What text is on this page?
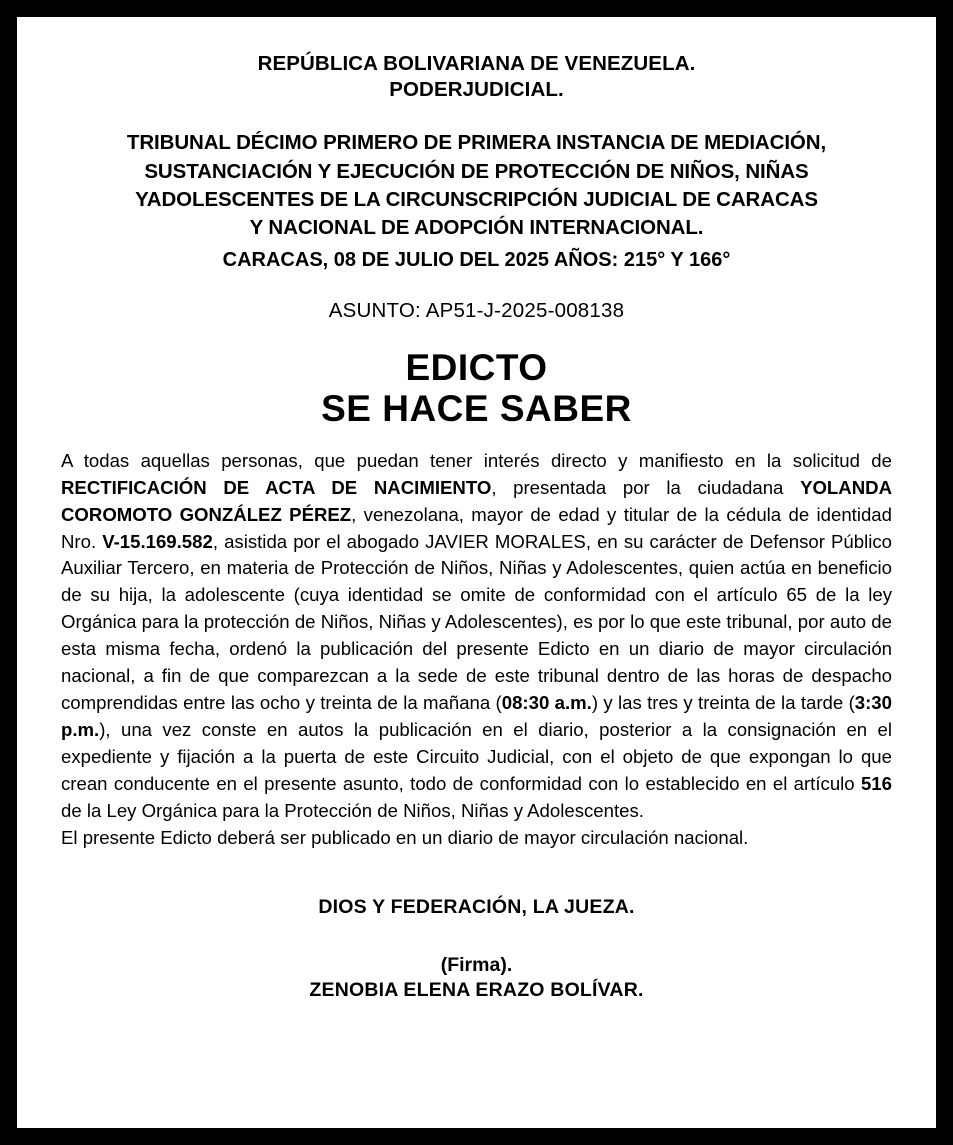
REPÚBLICA BOLIVARIANA DE VENEZUELA.
PODERJUDICIAL.
TRIBUNAL DÉCIMO PRIMERO DE PRIMERA INSTANCIA DE MEDIACIÓN,
SUSTANCIACIÓN Y EJECUCIÓN DE PROTECCIÓN DE NIÑOS, NIÑAS
YADOLESCENTES DE LA CIRCUNSCRIPCIÓN JUDICIAL DE CARACAS
Y NACIONAL DE ADOPCIÓN INTERNACIONAL.
CARACAS, 08 DE JULIO DEL 2025 AÑOS: 215° Y 166°
ASUNTO: AP51-J-2025-008138
EDICTO
SE HACE SABER

A todas aquellas personas, que puedan tener interés directo y manifiesto en la solicitud de RECTIFICACIÓN DE ACTA DE NACIMIENTO, presentada por la ciudadana YOLANDA COROMOTO GONZÁLEZ PÉREZ, venezolana, mayor de edad y titular de la cédula de identidad Nro. V-15.169.582, asistida por el abogado JAVIER MORALES, en su carácter de Defensor Público Auxiliar Tercero, en materia de Protección de Niños, Niñas y Adolescentes, quien actúa en beneficio de su hija, la adolescente (cuya identidad se omite de conformidad con el artículo 65 de la ley Orgánica para la protección de Niños, Niñas y Adolescentes), es por lo que este tribunal, por auto de esta misma fecha, ordenó la publicación del presente Edicto en un diario de mayor circulación nacional, a fin de que comparezcan a la sede de este tribunal dentro de las horas de despacho comprendidas entre las ocho y treinta de la mañana (08:30 a.m.) y las tres y treinta de la tarde (3:30 p.m.), una vez conste en autos la publicación en el diario, posterior a la consignación en el expediente y fijación a la puerta de este Circuito Judicial, con el objeto de que expongan lo que crean conducente en el presente asunto, todo de conformidad con lo establecido en el artículo 516 de la Ley Orgánica para la Protección de Niños, Niñas y Adolescentes.

El presente Edicto deberá ser publicado en un diario de mayor circulación nacional.

DIOS Y FEDERACIÓN, LA JUEZA.
(Firma).
ZENOBIA ELENA ERAZO BOLÍVAR.
